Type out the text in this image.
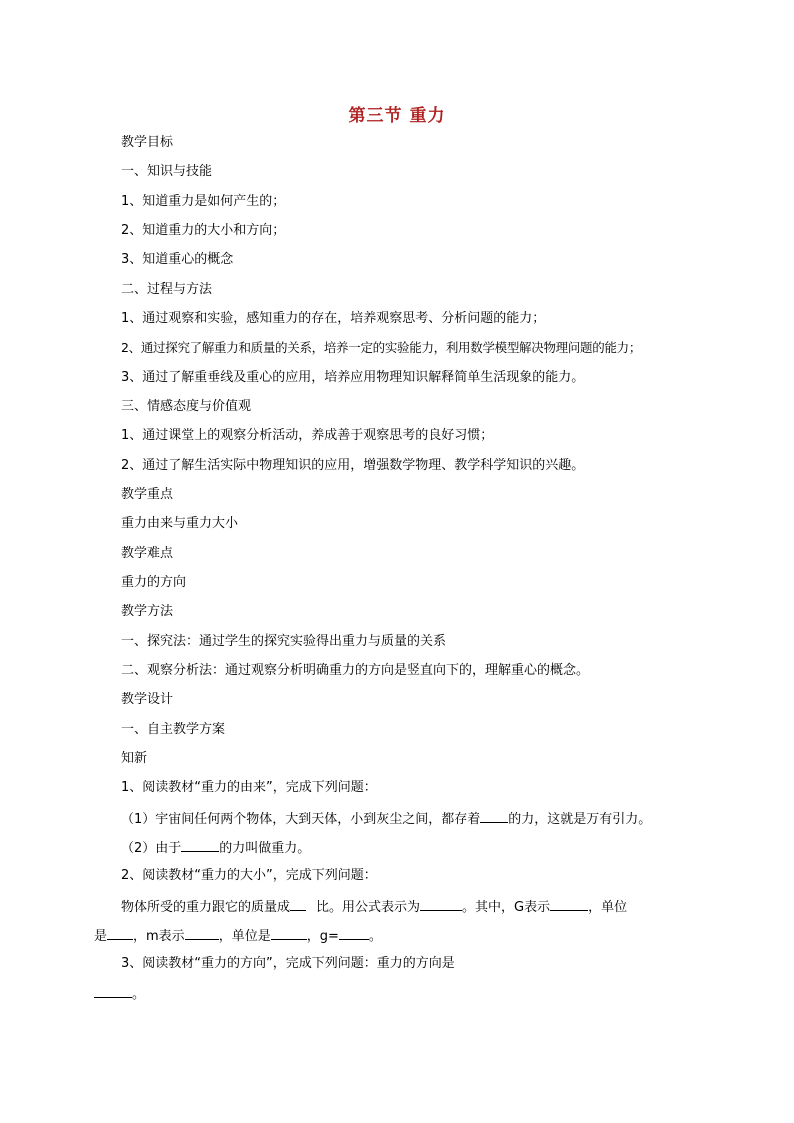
第三节 重力
教学目标
一、知识与技能
1、知道重力是如何产生的；
2、知道重力的大小和方向；
3、知道重心的概念
二、过程与方法
1、通过观察和实验，感知重力的存在，培养观察思考、分析问题的能力；
2、通过探究了解重力和质量的关系，培养一定的实验能力，利用数学模型解决物理问题的能力；
3、通过了解重垂线及重心的应用，培养应用物理知识解释简单生活现象的能力。
三、情感态度与价值观
1、通过课堂上的观察分析活动，养成善于观察思考的良好习惯；
2、通过了解生活实际中物理知识的应用，增强数学物理、教学科学知识的兴趣。
教学重点
重力由来与重力大小
教学难点
重力的方向
教学方法
一、探究法：通过学生的探究实验得出重力与质量的关系
二、观察分析法：通过观察分析明确重力的方向是竖直向下的，理解重心的概念。
教学设计
一、自主教学方案
知新
1、阅读教材“重力的由来”，完成下列问题：
（1）宇宙间任何两个物体，大到天体，小到灰尘之间，都存着 的力，这就是万有引力。
（2）由于	的力叫做重力。
2、阅读教材“重力的大小”，完成下列问题：
物体所受的重力跟它的质量成 比。用公式表示为	。其中，G表示	，单位
是 ，m表示	，单位是	，g= 。
3、阅读教材“重力的方向”，完成下列问题：重力的方向是
。
